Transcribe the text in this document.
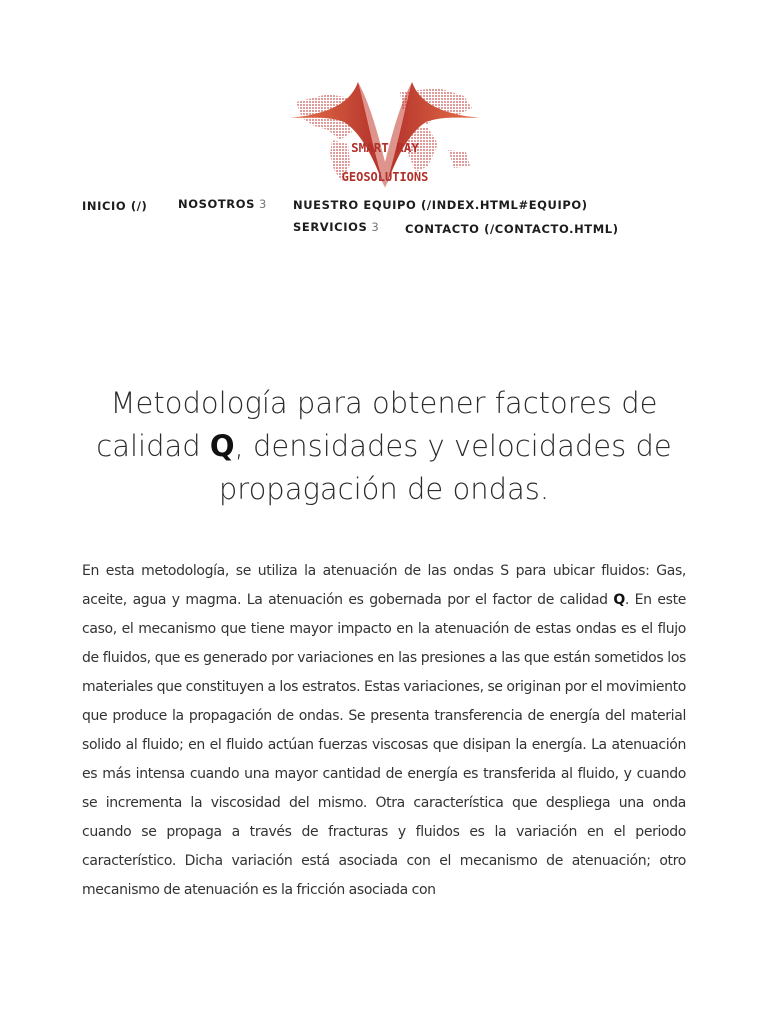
SMART RAY
GEOSOLUTIONS
INICIO (/)	NOSOTROS 3 NUESTRO EQUIPO (/INDEX.HTML#EQUIPO)
SERVICIOS 3 CONTACTO (/CONTACTO.HTML)
Metodología para obtener factores de calidad Q, densidades y velocidades de propagación de ondas.

En esta metodología, se utiliza la atenuación de las ondas S para ubicar fluidos: Gas, aceite, agua y magma. La atenuación es gobernada por el factor de calidad Q. En este caso, el mecanismo que tiene mayor impacto en la atenuación de estas ondas es el flujo de fluidos, que es generado por variaciones en las presiones a las que están sometidos los materiales que constituyen a los estratos. Estas variaciones, se originan por el movimiento que produce la propagación de ondas. Se presenta transferencia de energía del material solido al fluido; en el fluido actúan fuerzas viscosas que disipan la energía. La atenuación es más intensa cuando una mayor cantidad de energía es transferida al fluido, y cuando se incrementa la viscosidad del mismo. Otra característica que despliega una onda cuando se propaga a través de fracturas y fluidos es la variación en el periodo característico. Dicha variación está asociada con el mecanismo de atenuación; otro mecanismo de atenuación es la fricción asociada con
